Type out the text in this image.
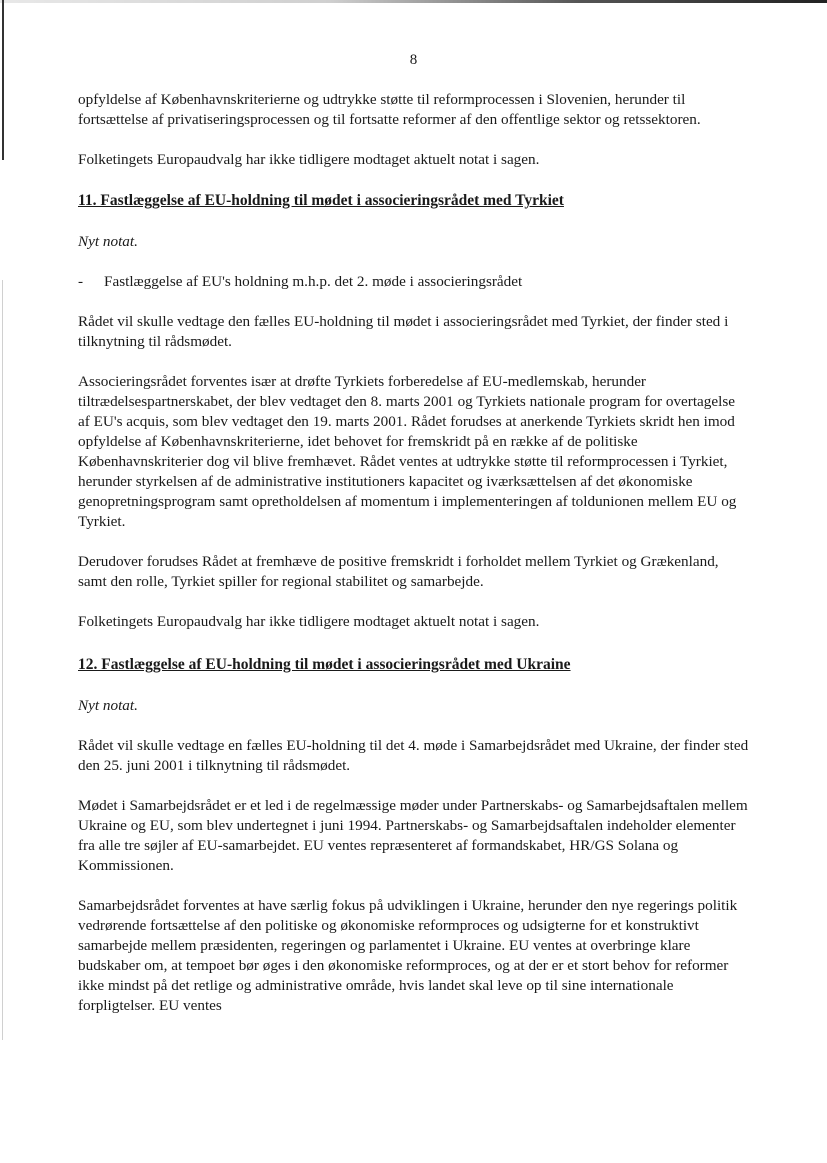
8

opfyldelse af Københavnskriterierne og udtrykke støtte til reformprocessen i Slovenien, herunder til fortsættelse af privatiseringsprocessen og til fortsatte reformer af den offentlige sektor og retssektoren.

Folketingets Europaudvalg har ikke tidligere modtaget aktuelt notat i sagen.

11. Fastlæggelse af EU-holdning til mødet i associeringsrådet med Tyrkiet

Nyt notat.

-	Fastlæggelse af EU's holdning m.h.p. det 2. møde i associeringsrådet

Rådet vil skulle vedtage den fælles EU-holdning til mødet i associeringsrådet med Tyrkiet, der finder sted i tilknytning til rådsmødet.

Associeringsrådet forventes især at drøfte Tyrkiets forberedelse af EU-medlemskab, herunder tiltrædelsespartnerskabet, der blev vedtaget den 8. marts 2001 og Tyrkiets nationale program for overtagelse af EU's acquis, som blev vedtaget den 19. marts 2001. Rådet forudses at anerkende Tyrkiets skridt hen imod opfyldelse af Københavnskriterierne, idet behovet for fremskridt på en række af de politiske Københavnskriterier dog vil blive fremhævet. Rådet ventes at udtrykke støtte til reformprocessen i Tyrkiet, herunder styrkelsen af de administrative institutioners kapacitet og iværksættelsen af det økonomiske genopretningsprogram samt opretholdelsen af momentum i implementeringen af toldunionen mellem EU og Tyrkiet.

Derudover forudses Rådet at fremhæve de positive fremskridt i forholdet mellem Tyrkiet og Grækenland, samt den rolle, Tyrkiet spiller for regional stabilitet og samarbejde.

Folketingets Europaudvalg har ikke tidligere modtaget aktuelt notat i sagen.

12. Fastlæggelse af EU-holdning til mødet i associeringsrådet med Ukraine

Nyt notat.

Rådet vil skulle vedtage en fælles EU-holdning til det 4. møde i Samarbejdsrådet med Ukraine, der finder sted den 25. juni 2001 i tilknytning til rådsmødet.

Mødet i Samarbejdsrådet er et led i de regelmæssige møder under Partnerskabs- og Samarbejdsaftalen mellem Ukraine og EU, som blev undertegnet i juni 1994. Partnerskabs- og Samarbejdsaftalen indeholder elementer fra alle tre søjler af EU-samarbejdet. EU ventes repræsenteret af formandskabet, HR/GS Solana og Kommissionen.

Samarbejdsrådet forventes at have særlig fokus på udviklingen i Ukraine, herunder den nye regerings politik vedrørende fortsættelse af den politiske og økonomiske reformproces og udsigterne for et konstruktivt samarbejde mellem præsidenten, regeringen og parlamentet i Ukraine. EU ventes at overbringe klare budskaber om, at tempoet bør øges i den økonomiske reformproces, og at der er et stort behov for reformer ikke mindst på det retlige og administrative område, hvis landet skal leve op til sine internationale forpligtelser. EU ventes
